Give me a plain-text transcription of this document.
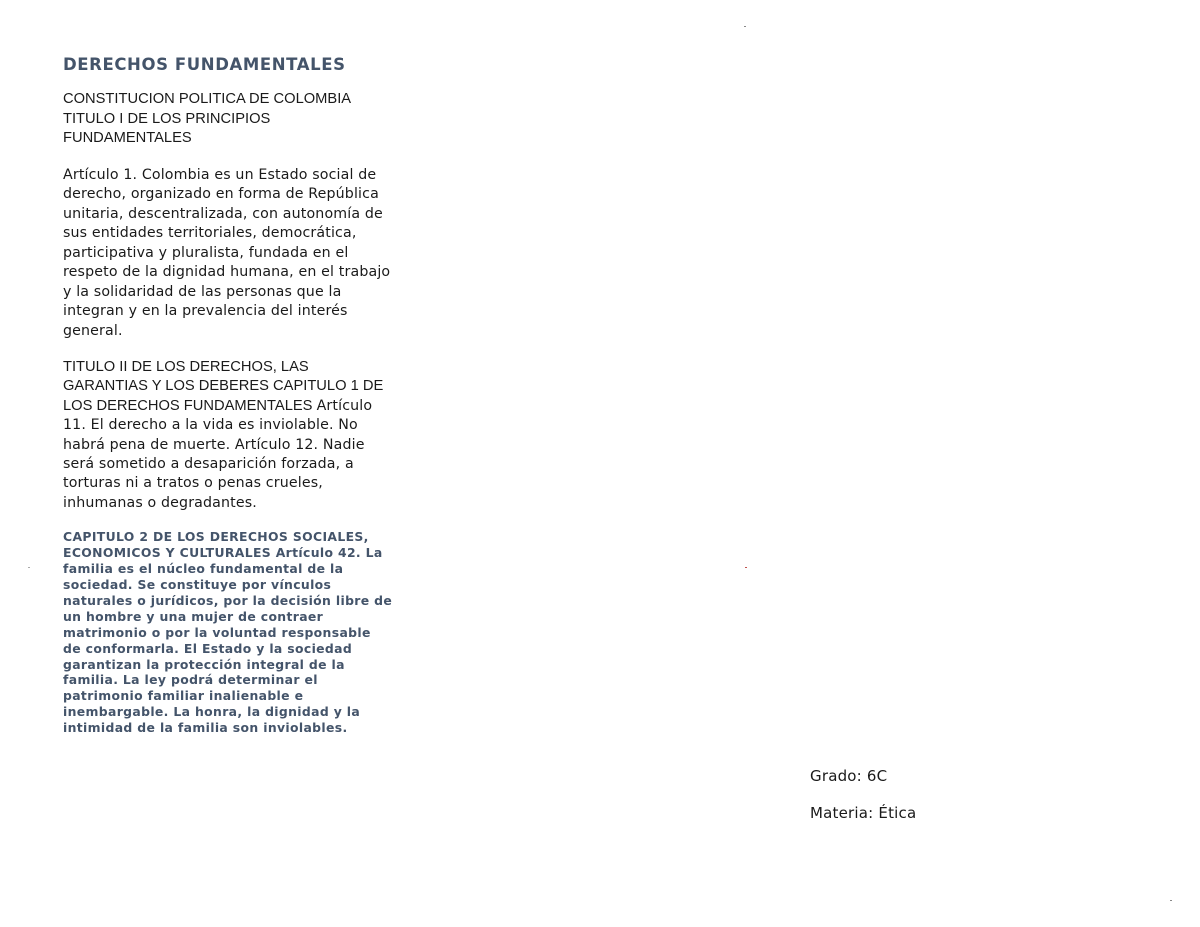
DERECHOS FUNDAMENTALES
CONSTITUCION POLITICA DE COLOMBIA TITULO I DE LOS PRINCIPIOS FUNDAMENTALES
Artículo 1. Colombia es un Estado social de derecho, organizado en forma de República unitaria, descentralizada, con autonomía de sus entidades territoriales, democrática, participativa y pluralista, fundada en el respeto de la dignidad humana, en el trabajo y la solidaridad de las personas que la integran y en la prevalencia del interés general.
TITULO II DE LOS DERECHOS, LAS GARANTIAS Y LOS DEBERES CAPITULO 1 DE LOS DERECHOS FUNDAMENTALES Artículo 11. El derecho a la vida es inviolable. No habrá pena de muerte. Artículo 12. Nadie será sometido a desaparición forzada, a torturas ni a tratos o penas crueles, inhumanas o degradantes.
CAPITULO 2 DE LOS DERECHOS SOCIALES, ECONOMICOS Y CULTURALES Artículo 42. La familia es el núcleo fundamental de la sociedad. Se constituye por vínculos naturales o jurídicos, por la decisión libre de un hombre y una mujer de contraer matrimonio o por la voluntad responsable de conformarla. El Estado y la sociedad garantizan la protección integral de la familia. La ley podrá determinar el patrimonio familiar inalienable e inembargable. La honra, la dignidad y la intimidad de la familia son inviolables.
Grado: 6C
Materia: Ética
